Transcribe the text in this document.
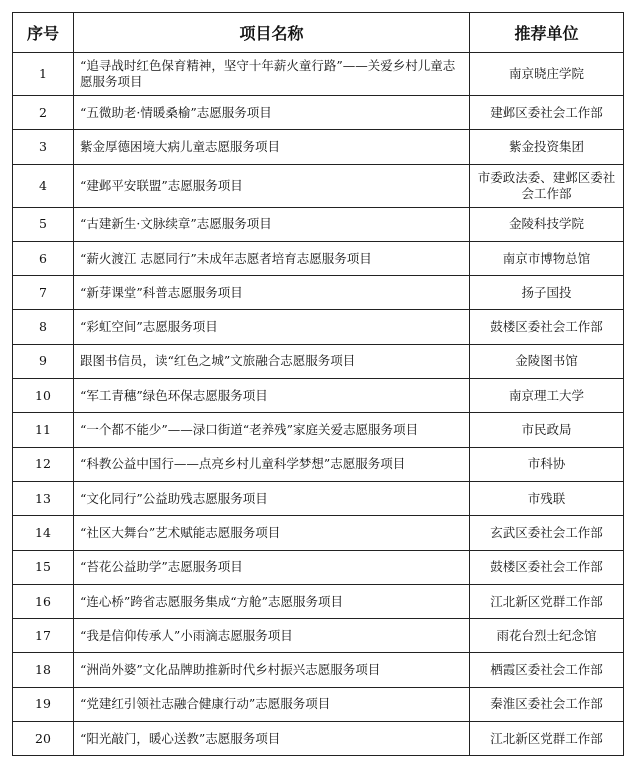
序号	项目名称	推荐单位
1	“追寻战时红色保育精神，坚守十年薪火童行路”——关爱乡村儿童志愿服务项目	南京晓庄学院
2	“五微助老·情暖桑榆”志愿服务项目	建邺区委社会工作部
3	紫金厚德困境大病儿童志愿服务项目	紫金投资集团
4	“建邺平安联盟”志愿服务项目	市委政法委、建邺区委社会工作部
5	“古建新生·文脉续章”志愿服务项目	金陵科技学院
6	“薪火渡江 志愿同行”未成年志愿者培育志愿服务项目	南京市博物总馆
7	“新芽课堂”科普志愿服务项目	扬子国投
8	“彩虹空间”志愿服务项目	鼓楼区委社会工作部
9	跟图书信员，读“红色之城”文旅融合志愿服务项目	金陵图书馆
10	“军工青穗”绿色环保志愿服务项目	南京理工大学
11	“一个都不能少”——渌口街道“老养残”家庭关爱志愿服务项目	市民政局
12	“科教公益中国行——点亮乡村儿童科学梦想”志愿服务项目	市科协
13	“文化同行”公益助残志愿服务项目	市残联
14	“社区大舞台”艺术赋能志愿服务项目	玄武区委社会工作部
15	“苔花公益助学”志愿服务项目	鼓楼区委社会工作部
16	“连心桥”跨省志愿服务集成“方舱”志愿服务项目	江北新区党群工作部
17	“我是信仰传承人”小雨滴志愿服务项目	雨花台烈士纪念馆
18	“洲尚外婆”文化品牌助推新时代乡村振兴志愿服务项目	栖霞区委社会工作部
19	“党建红引领社志融合健康行动”志愿服务项目	秦淮区委社会工作部
20	“阳光敲门，暖心送教”志愿服务项目	江北新区党群工作部
